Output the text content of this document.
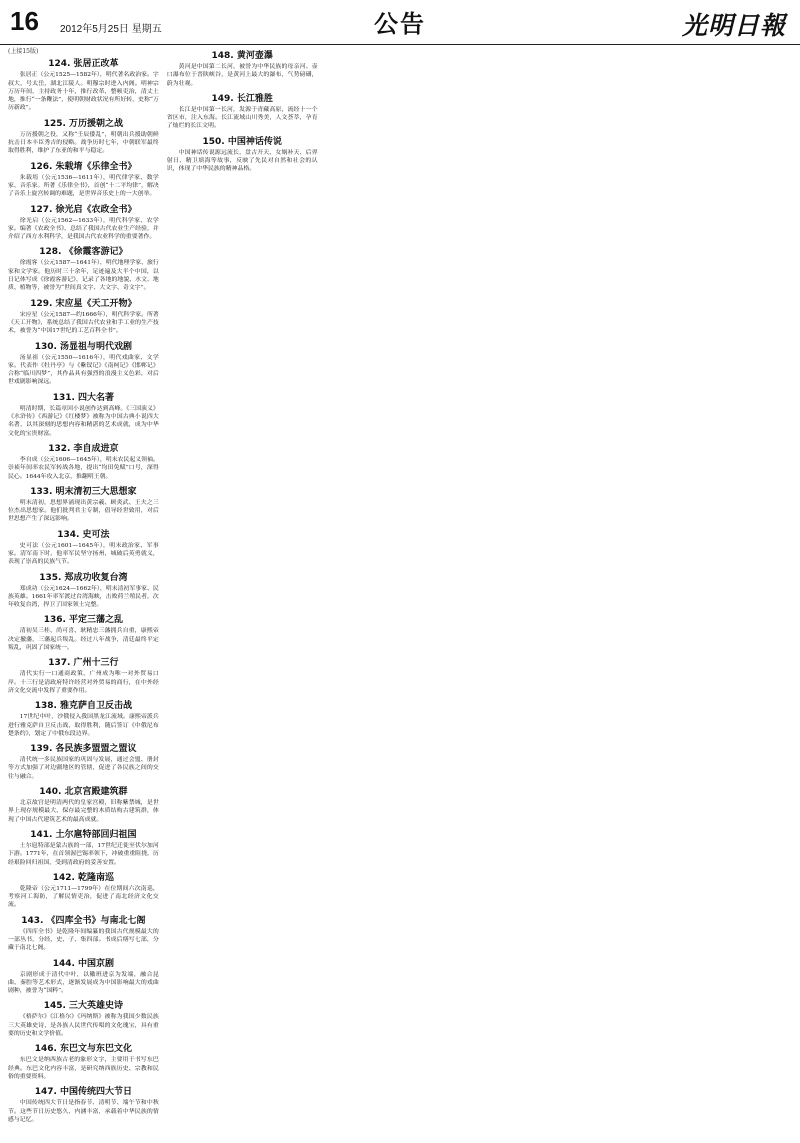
16 2012年5月25日 星期五	公告	光明日報
(上接15版)
124. 张居正改革

张居正（公元1525—1582年），明代著名政治家。字叔大，号太岳，湖北江陵人。明穆宗时进入内阁。明神宗万历年间，主持政务十年，推行改革，整顿吏治，清丈土地，推行“一条鞭法”，使明朝财政状况有所好转，史称“万历新政”。

125. 万历援朝之战

万历援朝之役，又称“壬辰倭乱”，明朝出兵援助朝鲜抗击日本丰臣秀吉的侵略。战争历时七年，中朝联军最终取得胜利，维护了东亚的和平与稳定。

126. 朱载堉《乐律全书》

朱载堉（公元1536—1611年），明代律学家、数学家、音乐家。所著《乐律全书》，首创“十二平均律”，解决了音乐上旋宫转调的难题，是世界音乐史上的一大创举。

127. 徐光启《农政全书》

徐光启（公元1562—1633年），明代科学家、农学家。编著《农政全书》，总结了我国古代农业生产经验，并介绍了西方水利科学，是我国古代农业科学的重要著作。

128. 《徐霞客游记》

徐霞客（公元1587—1641年），明代地理学家、旅行家和文学家。他历时三十余年，足迹遍及大半个中国，以日记体写成《徐霞客游记》，记录了各地的地貌、水文、地质、植物等，被誉为“世间真文字、大文字、奇文字”。

129. 宋应星《天工开物》

宋应星（公元1587—约1666年），明代科学家。所著《天工开物》，系统总结了我国古代农业和手工业的生产技术，被誉为“中国17世纪的工艺百科全书”。

130. 汤显祖与明代戏剧

汤显祖（公元1550—1616年），明代戏曲家、文学家。代表作《牡丹亭》与《紫钗记》《南柯记》《邯郸记》合称“临川四梦”，其作品具有强烈的浪漫主义色彩，对后世戏剧影响深远。

131. 四大名著

明清时期，长篇章回小说创作达到高峰。《三国演义》《水浒传》《西游记》《红楼梦》被称为中国古典小说四大名著，以其深刻的思想内容和精湛的艺术成就，成为中华文化的宝贵财富。

132. 李自成进京

李自成（公元1606—1645年），明末农民起义领袖。崇祯年间率农民军转战各地，提出“均田免赋”口号，深得民心。1644年攻入北京，推翻明王朝。

133. 明末清初三大思想家

明末清初，思想界涌现出黄宗羲、顾炎武、王夫之三位杰出思想家。他们批判君主专制，倡导经世致用，对后世思想产生了深远影响。

134. 史可法

史可法（公元1601—1645年），明末政治家、军事家。清军南下时，他率军民坚守扬州，城破后英勇就义，表现了崇高的民族气节。

135. 郑成功收复台湾

郑成功（公元1624—1662年），明末清初军事家、民族英雄。1661年率军渡过台湾海峡，击败荷兰殖民者，次年收复台湾，捍卫了国家领土完整。

136. 平定三藩之乱

清初吴三桂、尚可喜、耿精忠三藩拥兵自重，康熙帝决定撤藩，三藩起兵叛乱。经过八年战争，清廷最终平定叛乱，巩固了国家统一。

137. 广州十三行

清代实行一口通商政策，广州成为唯一对外贸易口岸。十三行是清政府特许经营对外贸易的商行，在中外经济文化交流中发挥了重要作用。

138. 雅克萨自卫反击战

17世纪中叶，沙俄侵入我国黑龙江流域。康熙帝派兵进行雅克萨自卫反击战，取得胜利，随后签订《中俄尼布楚条约》，划定了中俄东段边界。

139. 各民族多盟盟之盟议

清代统一多民族国家的巩固与发展，通过会盟、册封等方式加强了对边疆地区的管辖，促进了各民族之间的交往与融合。

140. 北京宫殿建筑群

北京故宫是明清两代的皇家宫殿，旧称紫禁城，是世界上现存规模最大、保存最完整的木质结构古建筑群，体现了中国古代建筑艺术的最高成就。

141. 土尔扈特部回归祖国

土尔扈特部是蒙古族的一部，17世纪迁徙至伏尔加河下游。1771年，在首领渥巴锡率领下，冲破重重阻挠，历经艰险回归祖国，受到清政府的妥善安置。

142. 乾隆南巡

乾隆帝（公元1711—1799年）在位期间六次南巡，考察河工海防，了解民情吏治，促进了南北经济文化交流。

143. 《四库全书》与南北七阁

《四库全书》是乾隆年间编纂的我国古代规模最大的一部丛书，分经、史、子、集四部。书成后缮写七部，分藏于南北七阁。

144. 中国京剧

京剧形成于清代中叶，以徽班进京为发端，融合昆曲、秦腔等艺术形式，逐渐发展成为中国影响最大的戏曲剧种，被誉为“国粹”。

145. 三大英雄史诗

《格萨尔》《江格尔》《玛纳斯》被称为我国少数民族三大英雄史诗，是各族人民世代传唱的文化瑰宝，具有重要的历史和文学价值。

146. 东巴文与东巴文化

东巴文是纳西族古老的象形文字，主要用于书写东巴经典。东巴文化内容丰富，是研究纳西族历史、宗教和民俗的重要资料。

147. 中国传统四大节日

中国传统四大节日是指春节、清明节、端午节和中秋节。这些节日历史悠久，内涵丰富，承载着中华民族的情感与记忆。

148. 黄河壶瀑

黄河是中国第二长河，被誉为中华民族的母亲河。壶口瀑布位于晋陕峡谷，是黄河上最大的瀑布，气势磅礴，蔚为壮观。

149. 长江雅胜

长江是中国第一长河，发源于青藏高原，流经十一个省区市，注入东海。长江流域山川秀美，人文荟萃，孕育了灿烂的长江文明。

150. 中国神话传说

中国神话传说源远流长，盘古开天、女娲补天、后羿射日、精卫填海等故事，反映了先民对自然和社会的认识，体现了中华民族的精神品格。
